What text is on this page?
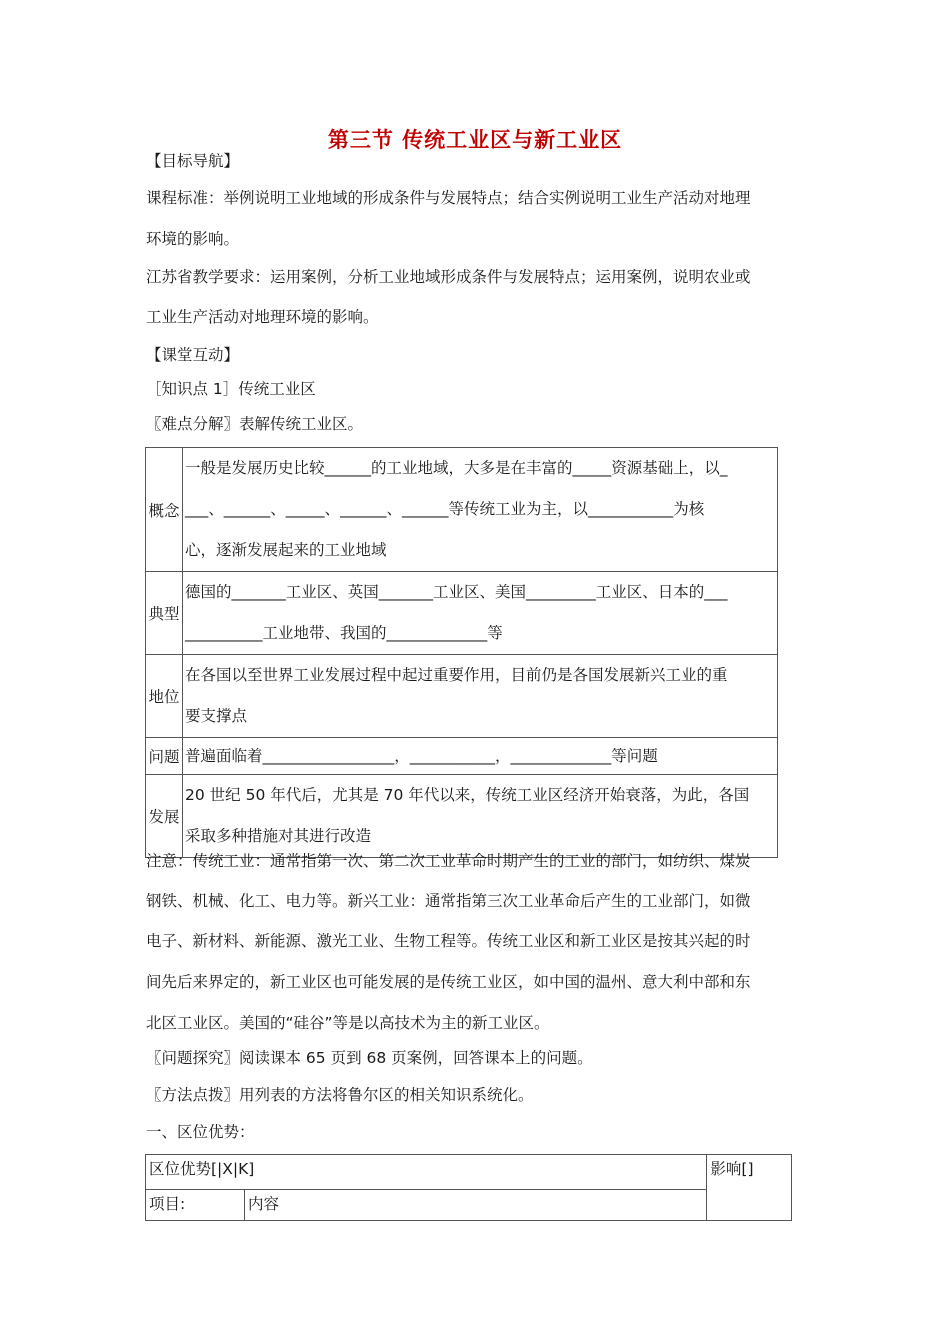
第三节 传统工业区与新工业区
【目标导航】
课程标准：举例说明工业地域的形成条件与发展特点；结合实例说明工业生产活动对地理
环境的影响。
江苏省教学要求：运用案例，分析工业地域形成条件与发展特点；运用案例，说明农业或
工业生产活动对地理环境的影响。
【课堂互动】
［知识点 1］传统工业区
〖难点分解〗表解传统工业区。
概念	一般是发展历史比较______的工业地域，大多是在丰富的_____资源基础上，以_

___、______、_____、______、______等传统工业为主，以___________为核

心，逐渐发展起来的工业地域

典型	德国的_______工业区、英国_______工业区、美国_________工业区、日本的___

__________工业地带、我国的_____________等

地位	在各国以至世界工业发展过程中起过重要作用，目前仍是各国发展新兴工业的重

要支撑点

问题	普遍面临着_________________，___________，_____________等问题

发展	20 世纪 50 年代后，尤其是 70 年代以来，传统工业区经济开始衰落，为此，各国

采取多种措施对其进行改造

注意：传统工业：通常指第一次、第二次工业革命时期产生的工业的部门，如纺织、煤炭
钢铁、机械、化工、电力等。新兴工业：通常指第三次工业革命后产生的工业部门，如微
电子、新材料、新能源、激光工业、生物工程等。传统工业区和新工业区是按其兴起的时
间先后来界定的，新工业区也可能发展的是传统工业区，如中国的温州、意大利中部和东
北区工业区。美国的“硅谷”等是以高技术为主的新工业区。
〖问题探究〗阅读课本 65 页到 68 页案例，回答课本上的问题。
〖方法点拨〗用列表的方法将鲁尔区的相关知识系统化。
一、区位优势：
区位优势[|X|K]		影响[]
项目:	内容	
